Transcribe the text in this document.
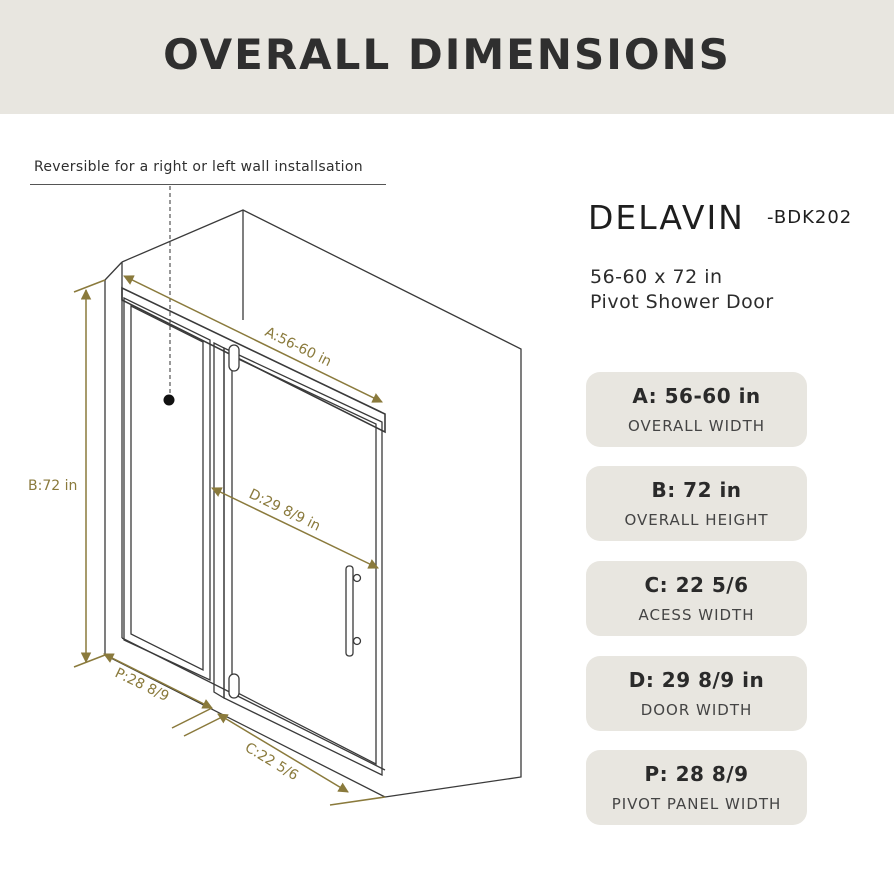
OVERALL DIMENSIONS
Reversible for a right or left wall installsation
A:56-60 in
B:72 in
D:29 8/9 in
P:28 8/9
C:22 5/6
DELAVIN -BDK202
56-60 x 72 in
Pivot Shower Door
A: 56-60 in
OVERALL WIDTH
B: 72 in
OVERALL HEIGHT
C: 22 5/6
ACESS WIDTH
D: 29 8/9 in
DOOR WIDTH
P: 28 8/9
PIVOT PANEL WIDTH
